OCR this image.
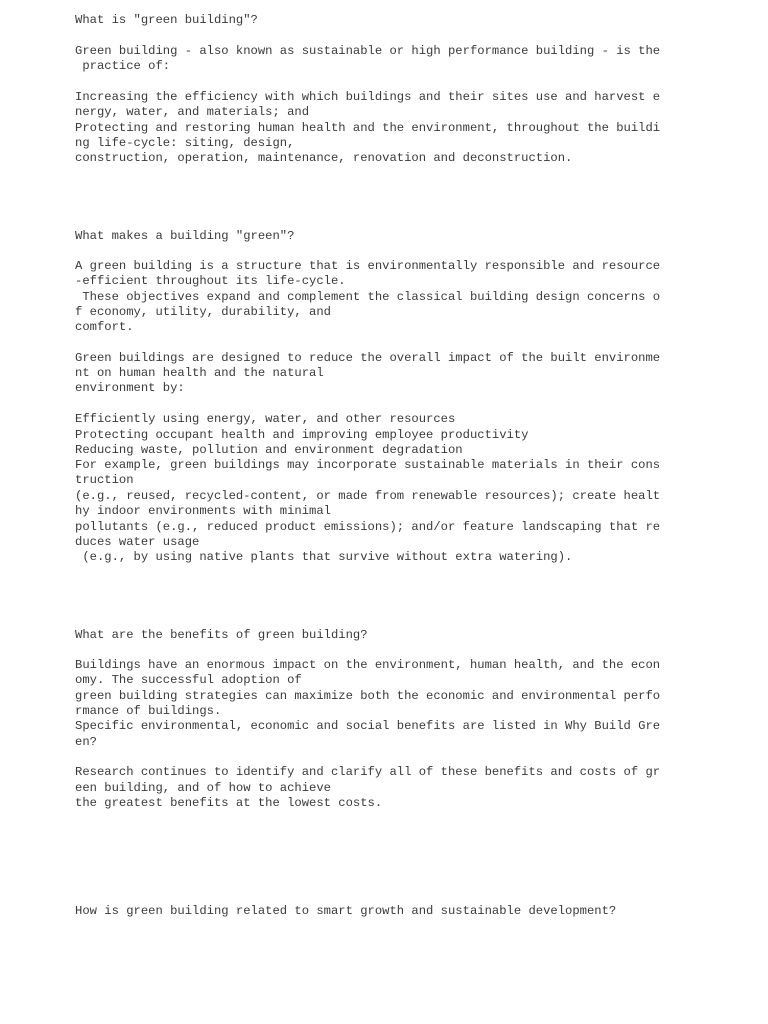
What is "green building"?

Green building - also known as sustainable or high performance building - is the

practice of:

Increasing the efficiency with which buildings and their sites use and harvest e

nergy, water, and materials; and

Protecting and restoring human health and the environment, throughout the buildi

ng life-cycle: siting, design,

construction, operation, maintenance, renovation and deconstruction.

What makes a building "green"?

A green building is a structure that is environmentally responsible and resource

-efficient throughout its life-cycle.

These objectives expand and complement the classical building design concerns o

f economy, utility, durability, and

comfort.

Green buildings are designed to reduce the overall impact of the built environme

nt on human health and the natural

environment by:

Efficiently using energy, water, and other resources

Protecting occupant health and improving employee productivity

Reducing waste, pollution and environment degradation

For example, green buildings may incorporate sustainable materials in their cons

truction

(e.g., reused, recycled-content, or made from renewable resources); create healt

hy indoor environments with minimal

pollutants (e.g., reduced product emissions); and/or feature landscaping that re

duces water usage

(e.g., by using native plants that survive without extra watering).

What are the benefits of green building?

Buildings have an enormous impact on the environment, human health, and the econ

omy. The successful adoption of

green building strategies can maximize both the economic and environmental perfo

rmance of buildings.

Specific environmental, economic and social benefits are listed in Why Build Gre

en?

Research continues to identify and clarify all of these benefits and costs of gr

een building, and of how to achieve

the greatest benefits at the lowest costs.

How is green building related to smart growth and sustainable development?
